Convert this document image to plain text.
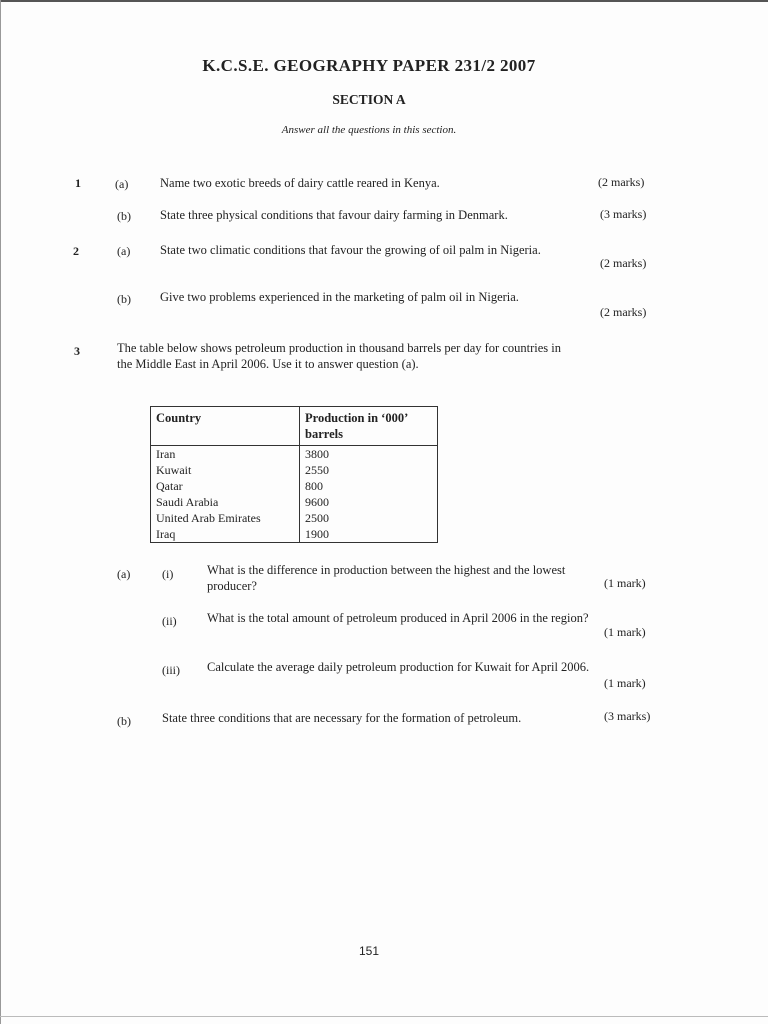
K.C.S.E. GEOGRAPHY PAPER 231/2 2007
SECTION A
Answer all the questions in this section.
1	(a)	Name two exotic breeds of dairy cattle reared in Kenya.	(2 marks)
(b) State three physical conditions that favour dairy farming in Denmark.	(3 marks)
2	(a) State two climatic conditions that favour the growing of oil palm in Nigeria.
(2 marks)
(b) Give two problems experienced in the marketing of palm oil in Nigeria.
(2 marks)
3	The table below shows petroleum production in thousand barrels per day for countries in the Middle East in April 2006. Use it to answer question (a).
Country	Production in ‘000’ barrels
Iran	3800
Kuwait	2550
Qatar	800
Saudi Arabia	9600
United Arab Emirates	2500
Iraq	1900
(a)	(i)	What is the difference in production between the highest and the lowest producer?	(1 mark)
(ii) What is the total amount of petroleum produced in April 2006 in the region?
(1 mark)
(iii) Calculate the average daily petroleum production for Kuwait for April 2006.
(1 mark)
(b) State three conditions that are necessary for the formation of petroleum.	(3 marks)
151
